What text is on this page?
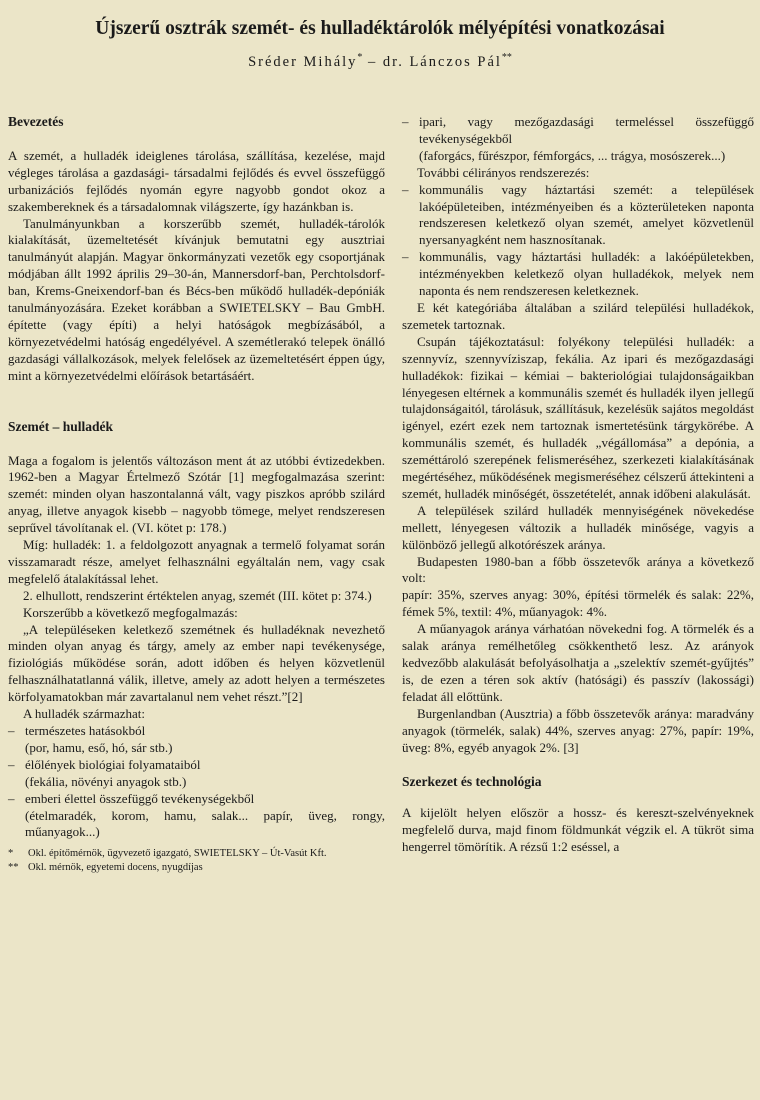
Újszerű osztrák szemét- és hulladéktárolók mélyépítési vonatkozásai

Sréder Mihály* – dr. Lánczos Pál**

Bevezetés

A szemét, a hulladék ideiglenes tárolása, szállítása, kezelése, majd végleges tárolása a gazdasági- társadalmi fejlődés és evvel összefüggő urbanizációs fejlődés nyomán egyre nagyobb gondot okoz a szakembereknek és a társadalomnak világszerte, így hazánkban is.

Tanulmányunkban a korszerűbb szemét, hulladék-tárolók kialakítását, üzemeltetését kívánjuk bemutatni egy ausztriai tanulmányút alapján. Magyar önkormányzati vezetők egy csoportjának módjában állt 1992 április 29–30-án, Mannersdorf-ban, Perchtolsdorf-ban, Krems-Gneixendorf-ban és Bécs-ben működő hulladék-depóniák tanulmányozására. Ezeket korábban a SWIETELSKY – Bau GmbH. építette (vagy építi) a helyi hatóságok megbízásából, a környezetvédelmi hatóság engedélyével. A szemétlerakó telepek önálló gazdasági vállalkozások, melyek felelősek az üzemeltetésért éppen úgy, mint a környezetvédelmi előírások betartásáért.

Szemét – hulladék

Maga a fogalom is jelentős változáson ment át az utóbbi évtizedekben. 1962-ben a Magyar Értelmező Szótár [1] megfogalmazása szerint: szemét: minden olyan haszontalanná vált, vagy piszkos apróbb szilárd anyag, illetve anyagok kisebb – nagyobb tömege, melyet rendszeresen seprűvel távolítanak el. (VI. kötet p: 178.)

Míg: hulladék: 1. a feldolgozott anyagnak a termelő folyamat során visszamaradt része, amelyet felhasználni egyáltalán nem, vagy csak megfelelő átalakítással lehet.

2. elhullott, rendszerint értéktelen anyag, szemét (III. kötet p: 374.)

Korszerűbb a következő megfogalmazás:

„A településeken keletkező szemétnek és hulladéknak nevezhető minden olyan anyag és tárgy, amely az ember napi tevékenysége, fiziológiás működése során, adott időben és helyen közvetlenül felhasználhatatlanná válik, illetve, amely az adott helyen a természetes körfolyamatokban már zavartalanul nem vehet részt.”[2]

A hulladék származhat:

– természetes hatásokból

(por, hamu, eső, hó, sár stb.)

– élőlények biológiai folyamataiból

(fekália, növényi anyagok stb.)

– emberi élettel összefüggő tevékenységekből

(ételmaradék, korom, hamu, salak... papír, üveg, rongy, műanyagok...)

*	Okl. építőmérnök, ügyvezető igazgató, SWIETELSKY – Út-Vasút Kft.
** Okl. mérnök, egyetemi docens, nyugdíjas
– ipari, vagy mezőgazdasági termeléssel összefüggő tevékenységekből

(faforgács, fűrészpor, fémforgács, ... trágya, mosószerek...)

További célirányos rendszerezés:

– kommunális vagy háztartási szemét: a települések lakóépületeiben, intézményeiben és a közterületeken naponta rendszeresen keletkező olyan szemét, amelyet közvetlenül nyersanyagként nem hasznosítanak.
– kommunális, vagy háztartási hulladék: a lakóépületekben, intézményekben keletkező olyan hulladékok, melyek nem naponta és nem rendszeresen keletkeznek.

E két kategóriába általában a szilárd települési hulladékok, szemetek tartoznak.

Csupán tájékoztatásul: folyékony települési hulladék: a szennyvíz, szennyvíziszap, fekália. Az ipari és mezőgazdasági hulladékok: fizikai – kémiai – bakteriológiai tulajdonságaikban lényegesen eltérnek a kommunális szemét és hulladék ilyen jellegű tulajdonságaitól, tárolásuk, szállításuk, kezelésük sajátos megoldást igényel, ezért ezek nem tartoznak ismertetésünk tárgykörébe. A kommunális szemét, és hulladék „végállomása” a depónia, a szeméttároló szerepének felismeréséhez, szerkezeti kialakításának megértéséhez, működésének megismeréséhez célszerű áttekinteni a szemét, hulladék minőségét, összetételét, annak időbeni alakulását.

A települések szilárd hulladék mennyiségének növekedése mellett, lényegesen változik a hulladék minősége, vagyis a különböző jellegű alkotórészek aránya.

Budapesten 1980-ban a főbb összetevők aránya a következő volt:

papír: 35%, szerves anyag: 30%, építési törmelék és salak: 22%, fémek 5%, textil: 4%, műanyagok: 4%.

A műanyagok aránya várhatóan növekedni fog. A törmelék és a salak aránya remélhetőleg csökkenthető lesz. Az arányok kedvezőbb alakulását befolyásolhatja a „szelektív szemét-gyűjtés” is, de ezen a téren sok aktív (hatósági) és passzív (lakossági) feladat áll előttünk.

Burgenlandban (Ausztria) a főbb összetevők aránya: maradvány anyagok (törmelék, salak) 44%, szerves anyag: 27%, papír: 19%, üveg: 8%, egyéb anyagok 2%. [3]

Szerkezet és technológia

A kijelölt helyen először a hossz- és kereszt-szelvényeknek megfelelő durva, majd finom földmunkát végzik el. A tükröt sima hengerrel tömörítik. A rézsű 1:2 eséssel, a
